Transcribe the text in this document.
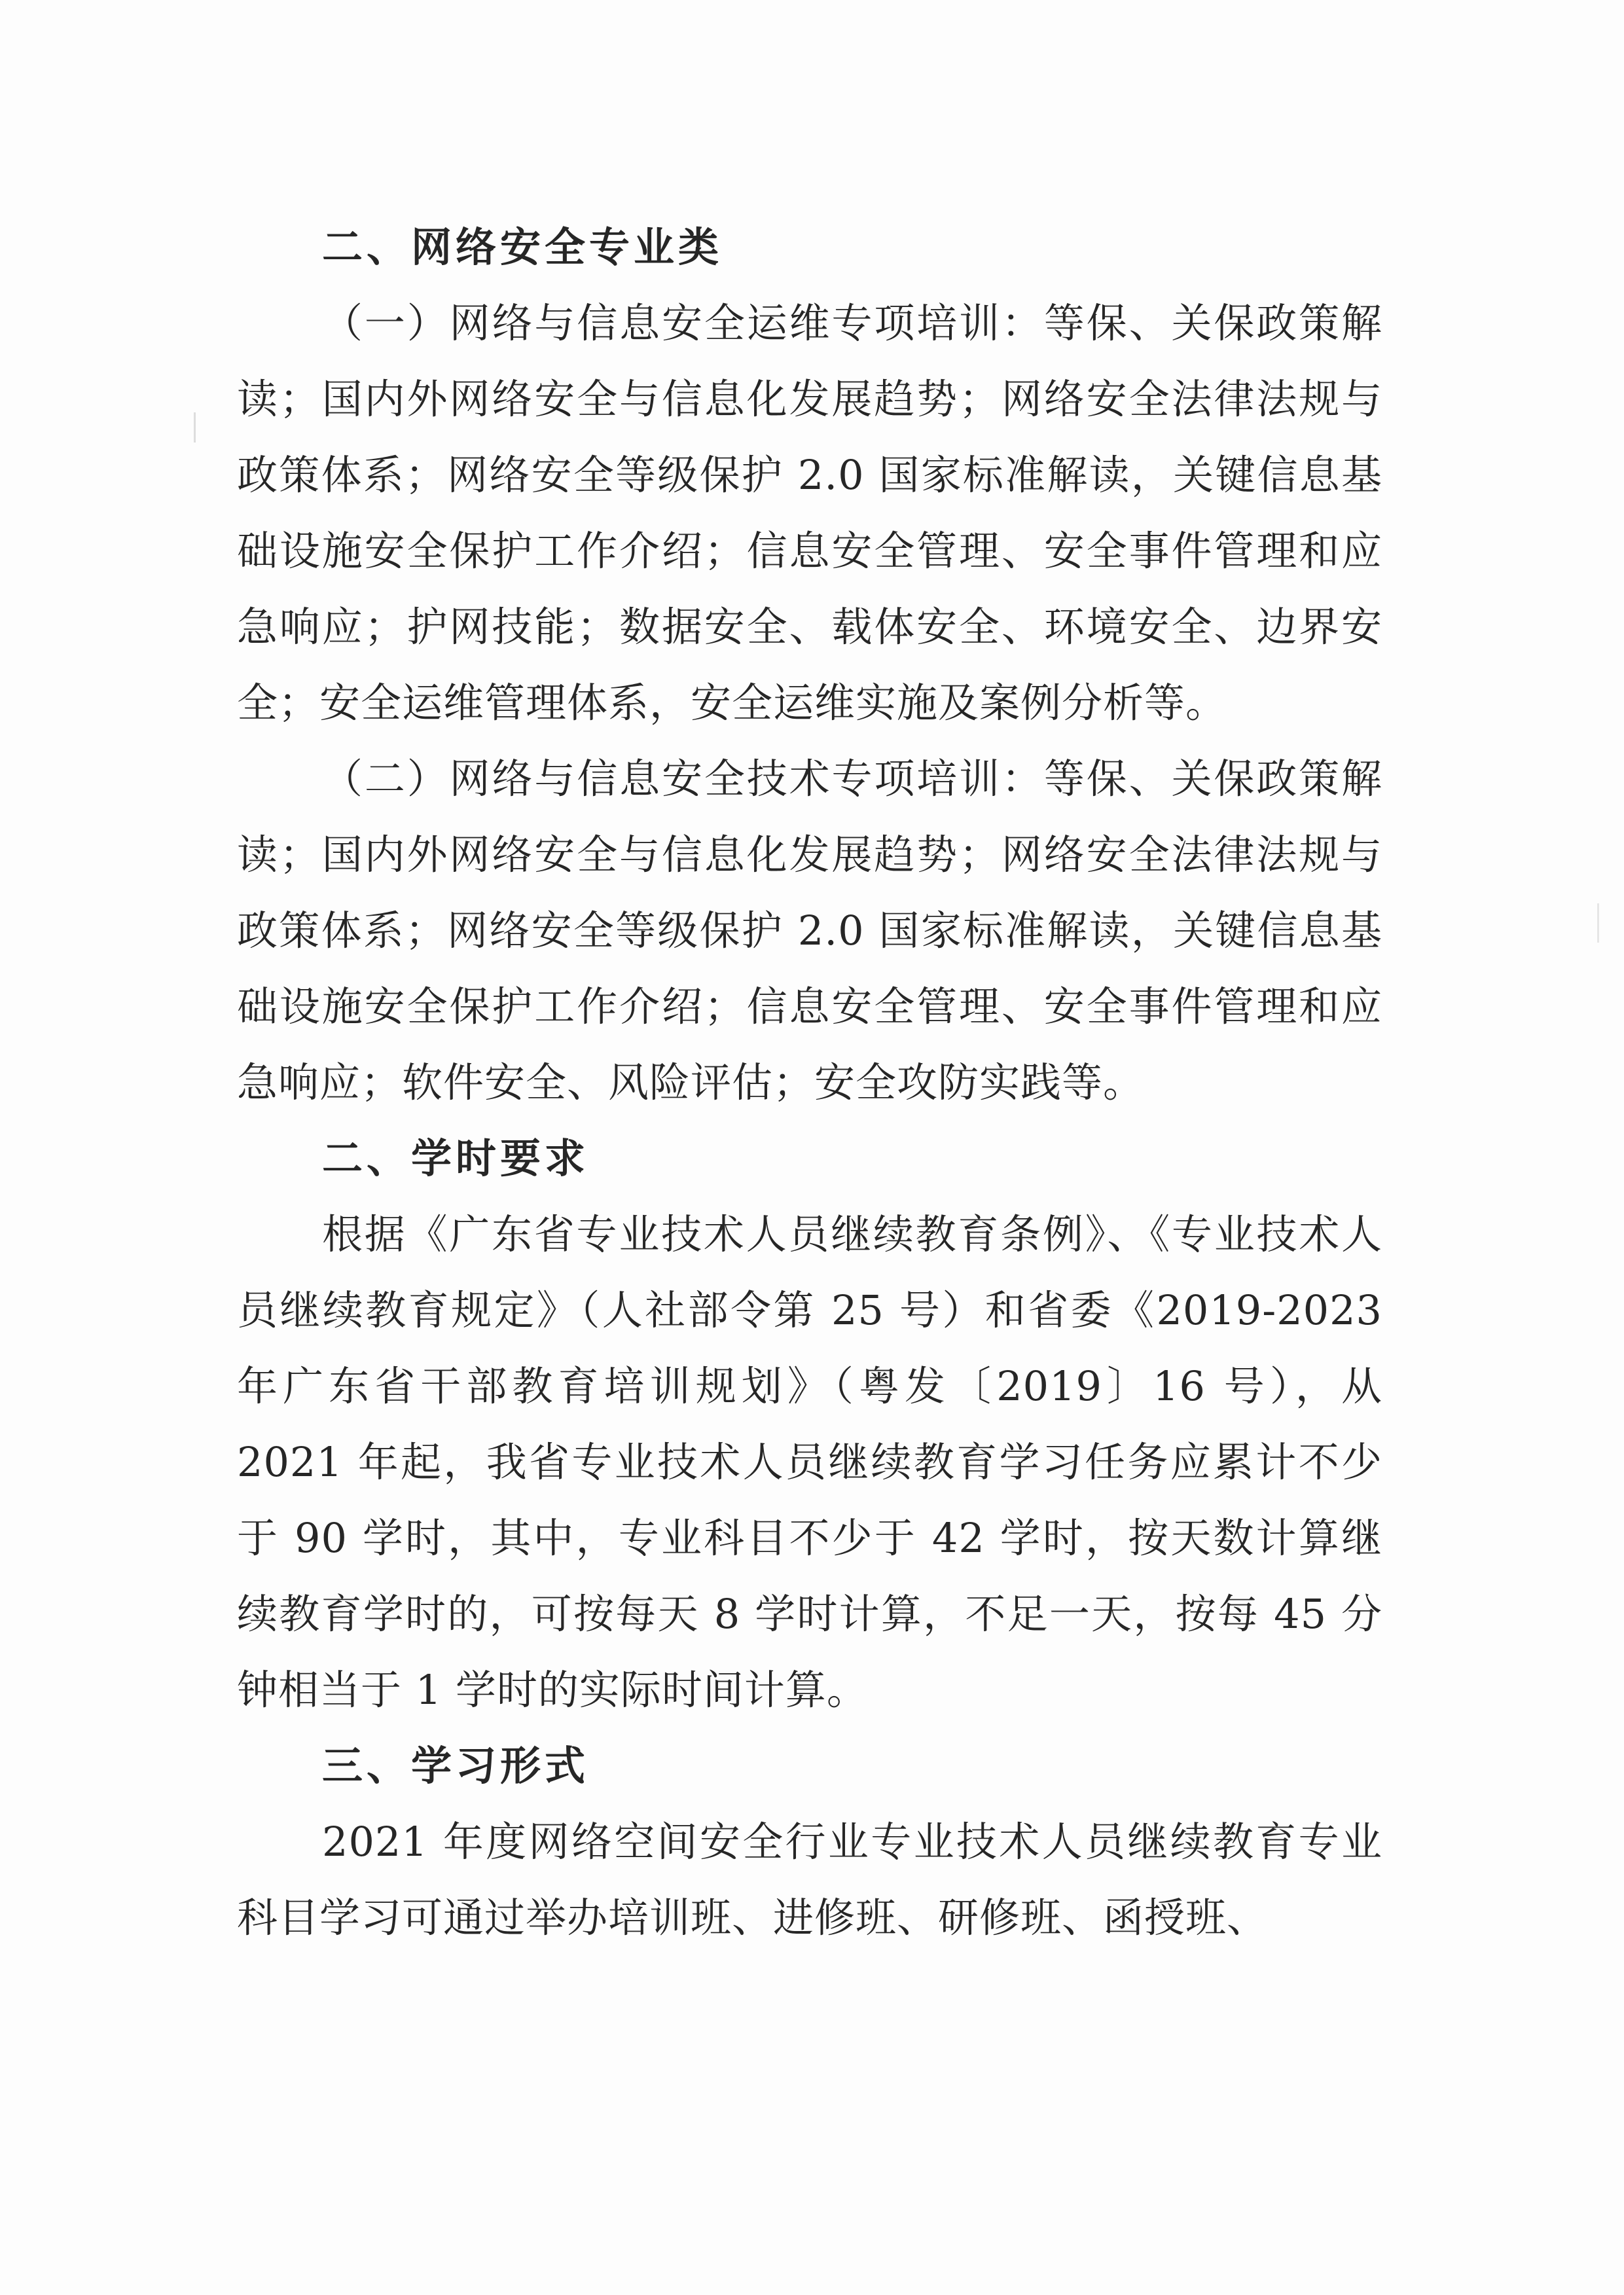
二、网络安全专业类

（一）网络与信息安全运维专项培训：等保、关保政策解读；国内外网络安全与信息化发展趋势；网络安全法律法规与政策体系；网络安全等级保护 2.0 国家标准解读，关键信息基础设施安全保护工作介绍；信息安全管理、安全事件管理和应急响应；护网技能；数据安全、载体安全、环境安全、边界安全；安全运维管理体系，安全运维实施及案例分析等。

（二）网络与信息安全技术专项培训：等保、关保政策解读；国内外网络安全与信息化发展趋势；网络安全法律法规与政策体系；网络安全等级保护 2.0 国家标准解读，关键信息基础设施安全保护工作介绍；信息安全管理、安全事件管理和应急响应；软件安全、风险评估；安全攻防实践等。

二、学时要求

根据《广东省专业技术人员继续教育条例》、《专业技术人员继续教育规定》（人社部令第 25 号）和省委《2019-2023 年广东省干部教育培训规划》（粤发〔2019〕16 号），从 2021 年起，我省专业技术人员继续教育学习任务应累计不少于 90 学时，其中，专业科目不少于 42 学时，按天数计算继续教育学时的，可按每天 8 学时计算，不足一天，按每 45 分钟相当于 1 学时的实际时间计算。

三、学习形式

2021 年度网络空间安全行业专业技术人员继续教育专业科目学习可通过举办培训班、进修班、研修班、函授班、
